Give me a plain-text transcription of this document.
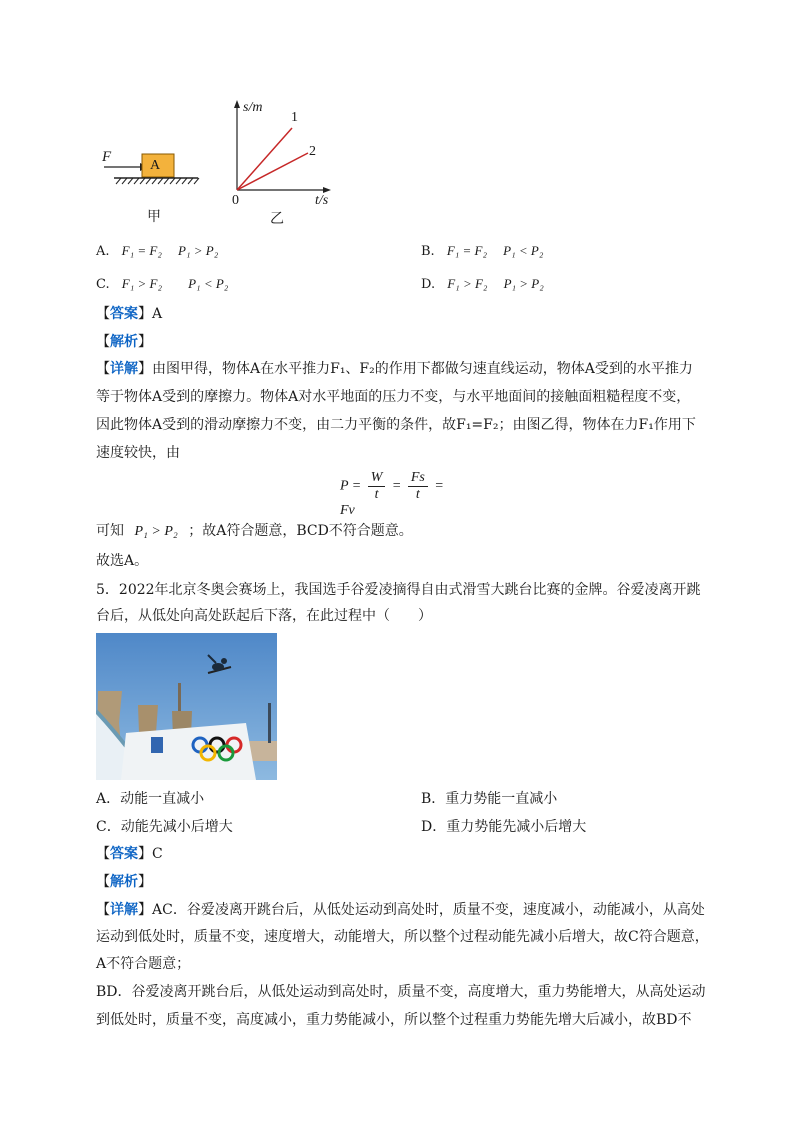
F
A
甲
s/m
t/s
0
1
2
乙
A. F₁ = F₂ P₁ > P₂	B. F₁ = F₂ P₁ < P₂
C. F₁ > F₂ P₁ < P₂	D. F₁ > F₂ P₁ > P₂
【答案】A
【解析】
【详解】由图甲得，物体A在水平推力F₁、F₂的作用下都做匀速直线运动，物体A受到的水平推力
等于物体A受到的摩擦力。物体A对水平地面的压力不变，与水平地面间的接触面粗糙程度不变，
因此物体A受到的滑动摩擦力不变，由二力平衡的条件，故F₁=F₂；由图乙得，物体在力F₁作用下
速度较快，由
$P = \frac{W}{t} = \frac{Fs}{t} = Fv$
可知 P₁ > P₂ ；故A符合题意，BCD不符合题意。
故选A。
5．2022年北京冬奥会赛场上，我国选手谷爱凌摘得自由式滑雪大跳台比赛的金牌。谷爱凌离开跳
台后，从低处向高处跃起后下落，在此过程中（　　）
A．动能一直减小	B．重力势能一直减小
C．动能先减小后增大	D．重力势能先减小后增大
【答案】C
【解析】
【详解】AC．谷爱凌离开跳台后，从低处运动到高处时，质量不变，速度减小，动能减小，从高处
运动到低处时，质量不变，速度增大，动能增大，所以整个过程动能先减小后增大，故C符合题意，
A不符合题意；
BD．谷爱凌离开跳台后，从低处运动到高处时，质量不变，高度增大，重力势能增大，从高处运动
到低处时，质量不变，高度减小，重力势能减小，所以整个过程重力势能先增大后减小，故BD不
